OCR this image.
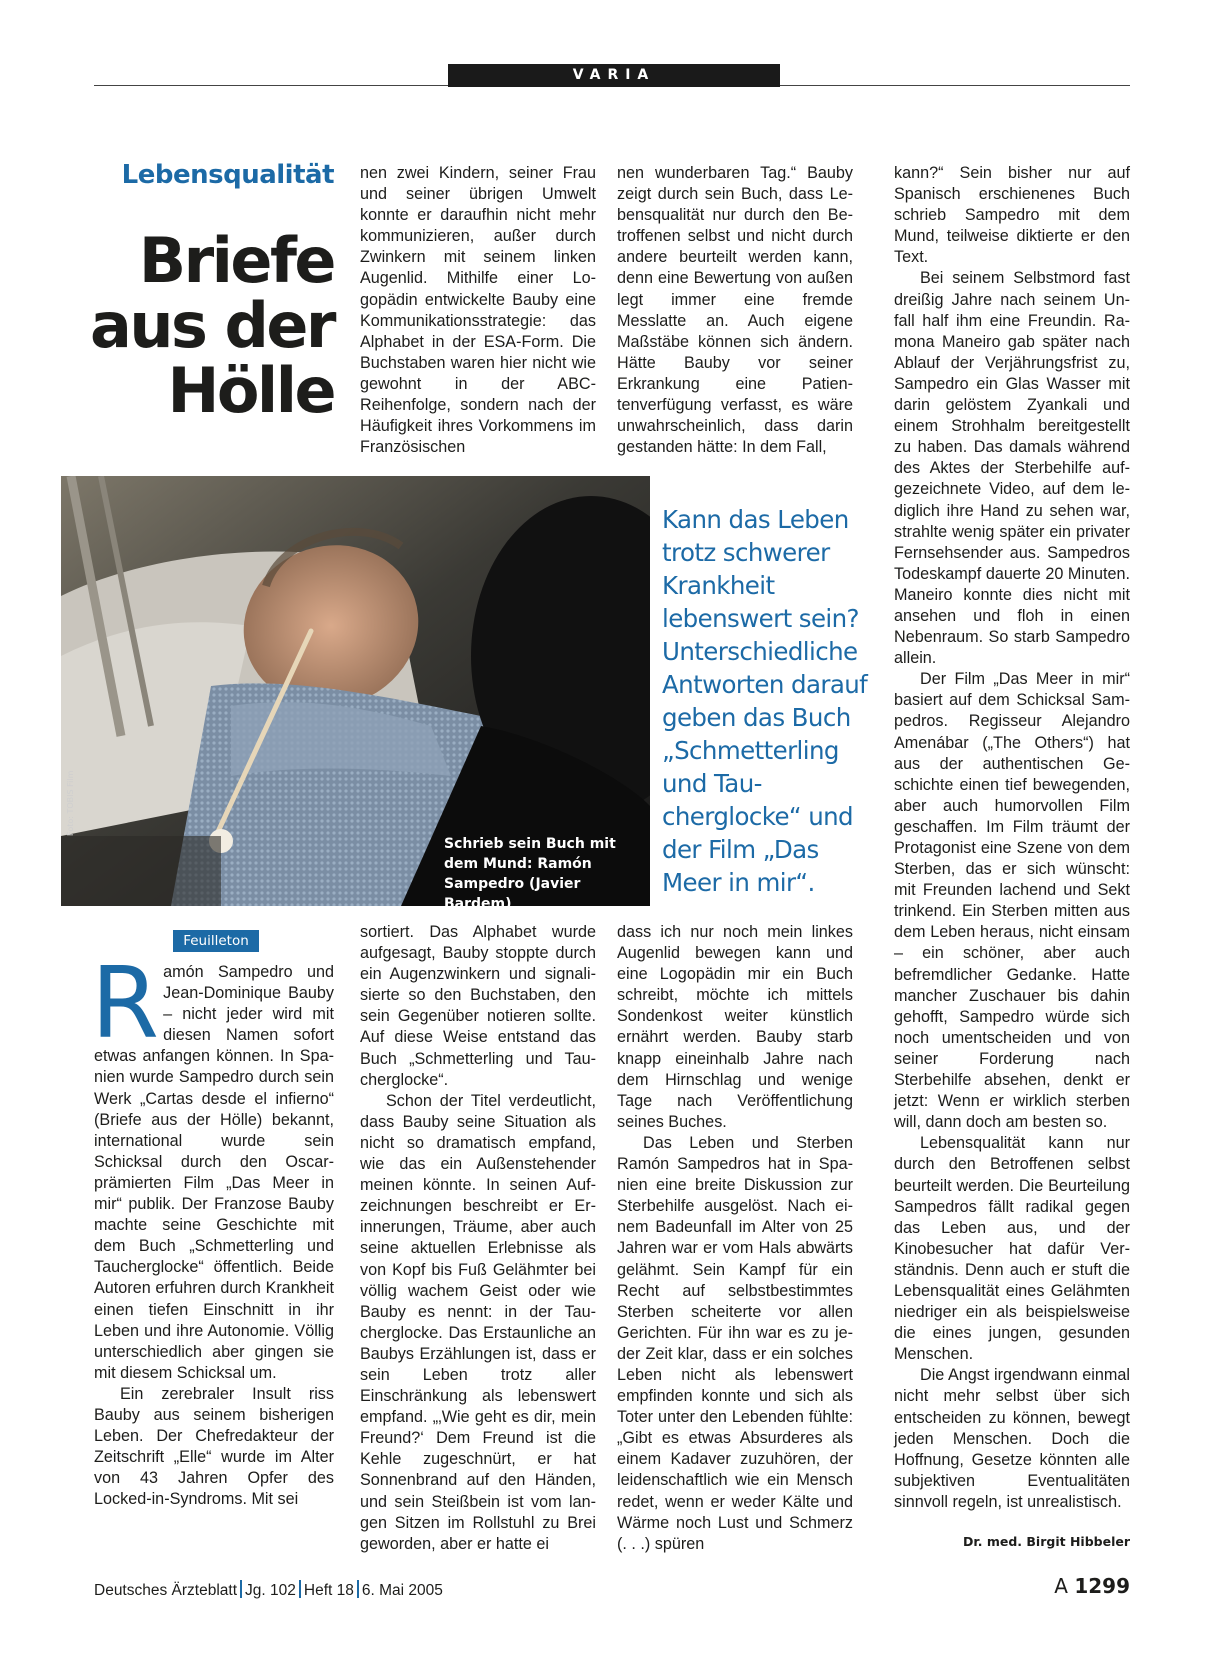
VARIA
Lebensqualität
Briefe
aus der
Hölle

nen zwei Kindern, seiner Frau und seiner übrigen Umwelt konnte er daraufhin nicht mehr kommunizieren, außer durch Zwinkern mit seinem linken Augenlid. Mithilfe einer Logopädin entwickelte Bauby eine Kommunikationsstrategie: das Alphabet in der ESA-Form. Die Buchstaben waren hier nicht wie gewohnt in der ABC-Reihenfolge, sondern nach der Häufigkeit ihres Vorkommens im Französischen

nen wunderbaren Tag.“ Bauby zeigt durch sein Buch, dass Lebensqualität nur durch den Betroffenen selbst und nicht durch andere beurteilt werden kann, denn eine Bewertung von außen legt immer eine fremde Messlatte an. Auch eigene Maßstäbe können sich ändern. Hätte Bauby vor seiner Erkrankung eine Patientenverfügung verfasst, es wäre unwahrscheinlich, dass darin gestanden hätte: In dem Fall,

kann?“ Sein bisher nur auf Spanisch erschienenes Buch schrieb Sampedro mit dem Mund, teilweise diktierte er den Text.

Bei seinem Selbstmord fast dreißig Jahre nach seinem Unfall half ihm eine Freundin. Ramona Maneiro gab später nach Ablauf der Verjährungsfrist zu, Sampedro ein Glas Wasser mit darin gelöstem Zyankali und einem Strohhalm bereitgestellt zu haben. Das damals während des Aktes der Sterbehilfe aufgezeichnete Video, auf dem lediglich ihre Hand zu sehen war, strahlte wenig später ein privater Fernsehsender aus. Sampedros Todeskampf dauerte 20 Minuten. Maneiro konnte dies nicht mit ansehen und floh in einen Nebenraum. So starb Sampedro allein.

Der Film „Das Meer in mir“ basiert auf dem Schicksal Sampedros. Regisseur Alejandro Amenábar („The Others“) hat aus der authentischen Geschichte einen tief bewegenden, aber auch humorvollen Film geschaffen. Im Film träumt der Protagonist eine Szene von dem Sterben, das er sich wünscht: mit Freunden lachend und Sekt trinkend. Ein Sterben mitten aus dem Leben heraus, nicht einsam – ein schöner, aber auch befremdlicher Gedanke. Hatte mancher Zuschauer bis dahin gehofft, Sampedro würde sich noch umentscheiden und von seiner Forderung nach Sterbehilfe absehen, denkt er jetzt: Wenn er wirklich sterben will, dann doch am besten so.

Lebensqualität kann nur durch den Betroffenen selbst beurteilt werden. Die Beurteilung Sampedros fällt radikal gegen das Leben aus, und der Kinobesucher hat dafür Verständnis. Denn auch er stuft die Lebensqualität eines Gelähmten niedriger ein als beispielsweise die eines jungen, gesunden Menschen.

Die Angst irgendwann einmal nicht mehr selbst über sich entscheiden zu können, bewegt jeden Menschen. Doch die Hoffnung, Gesetze könnten alle subjektiven Eventualitäten sinnvoll regeln, ist unrealistisch.

Foto: TOBIS Film
Schrieb sein Buch mit dem Mund: Ramón Sampedro (Javier Bardem)
Kann das Leben trotz schwerer Krankheit lebenswert sein? Unterschiedliche Antworten darauf geben das Buch „Schmetterling und Taucherglocke“ und der Film „Das Meer in mir“.
Feuilleton

Ramón Sampedro und Jean-Dominique Bauby – nicht jeder wird mit diesen Namen sofort etwas anfangen können. In Spanien wurde Sampedro durch sein Werk „Cartas desde el infierno“ (Briefe aus der Hölle) bekannt, international wurde sein Schicksal durch den Oscar-prämierten Film „Das Meer in mir“ publik. Der Franzose Bauby machte seine Geschichte mit dem Buch „Schmetterling und Taucherglocke“ öffentlich. Beide Autoren erfuhren durch Krankheit einen tiefen Einschnitt in ihr Leben und ihre Autonomie. Völlig unterschiedlich aber gingen sie mit diesem Schicksal um.

Ein zerebraler Insult riss Bauby aus seinem bisherigen Leben. Der Chefredakteur der Zeitschrift „Elle“ wurde im Alter von 43 Jahren Opfer des Locked-in-Syndroms. Mit sei

sortiert. Das Alphabet wurde aufgesagt, Bauby stoppte durch ein Augenzwinkern und signalisierte so den Buchstaben, den sein Gegenüber notieren sollte. Auf diese Weise entstand das Buch „Schmetterling und Taucherglocke“.

Schon der Titel verdeutlicht, dass Bauby seine Situation als nicht so dramatisch empfand, wie das ein Außenstehender meinen könnte. In seinen Aufzeichnungen beschreibt er Erinnerungen, Träume, aber auch seine aktuellen Erlebnisse als von Kopf bis Fuß Gelähmter bei völlig wachem Geist oder wie Bauby es nennt: in der Taucherglocke. Das Erstaunliche an Baubys Erzählungen ist, dass er sein Leben trotz aller Einschränkung als lebenswert empfand. „‚Wie geht es dir, mein Freund?‘ Dem Freund ist die Kehle zugeschnürt, er hat Sonnenbrand auf den Händen, und sein Steißbein ist vom langen Sitzen im Rollstuhl zu Brei geworden, aber er hatte ei

dass ich nur noch mein linkes Augenlid bewegen kann und eine Logopädin mir ein Buch schreibt, möchte ich mittels Sondenkost weiter künstlich ernährt werden. Bauby starb knapp eineinhalb Jahre nach dem Hirnschlag und wenige Tage nach Veröffentlichung seines Buches.

Das Leben und Sterben Ramón Sampedros hat in Spanien eine breite Diskussion zur Sterbehilfe ausgelöst. Nach einem Badeunfall im Alter von 25 Jahren war er vom Hals abwärts gelähmt. Sein Kampf für ein Recht auf selbstbestimmtes Sterben scheiterte vor allen Gerichten. Für ihn war es zu jeder Zeit klar, dass er ein solches Leben nicht als lebenswert empfinden konnte und sich als Toter unter den Lebenden fühlte: „Gibt es etwas Absurderes als einem Kadaver zuzuhören, der leidenschaftlich wie ein Mensch redet, wenn er weder Kälte und Wärme noch Lust und Schmerz (. . .) spüren	Dr. med. Birgit Hibbeler
Deutsches Ärzteblatt Jg. 102 Heft 18 6. Mai 2005	A 1299
